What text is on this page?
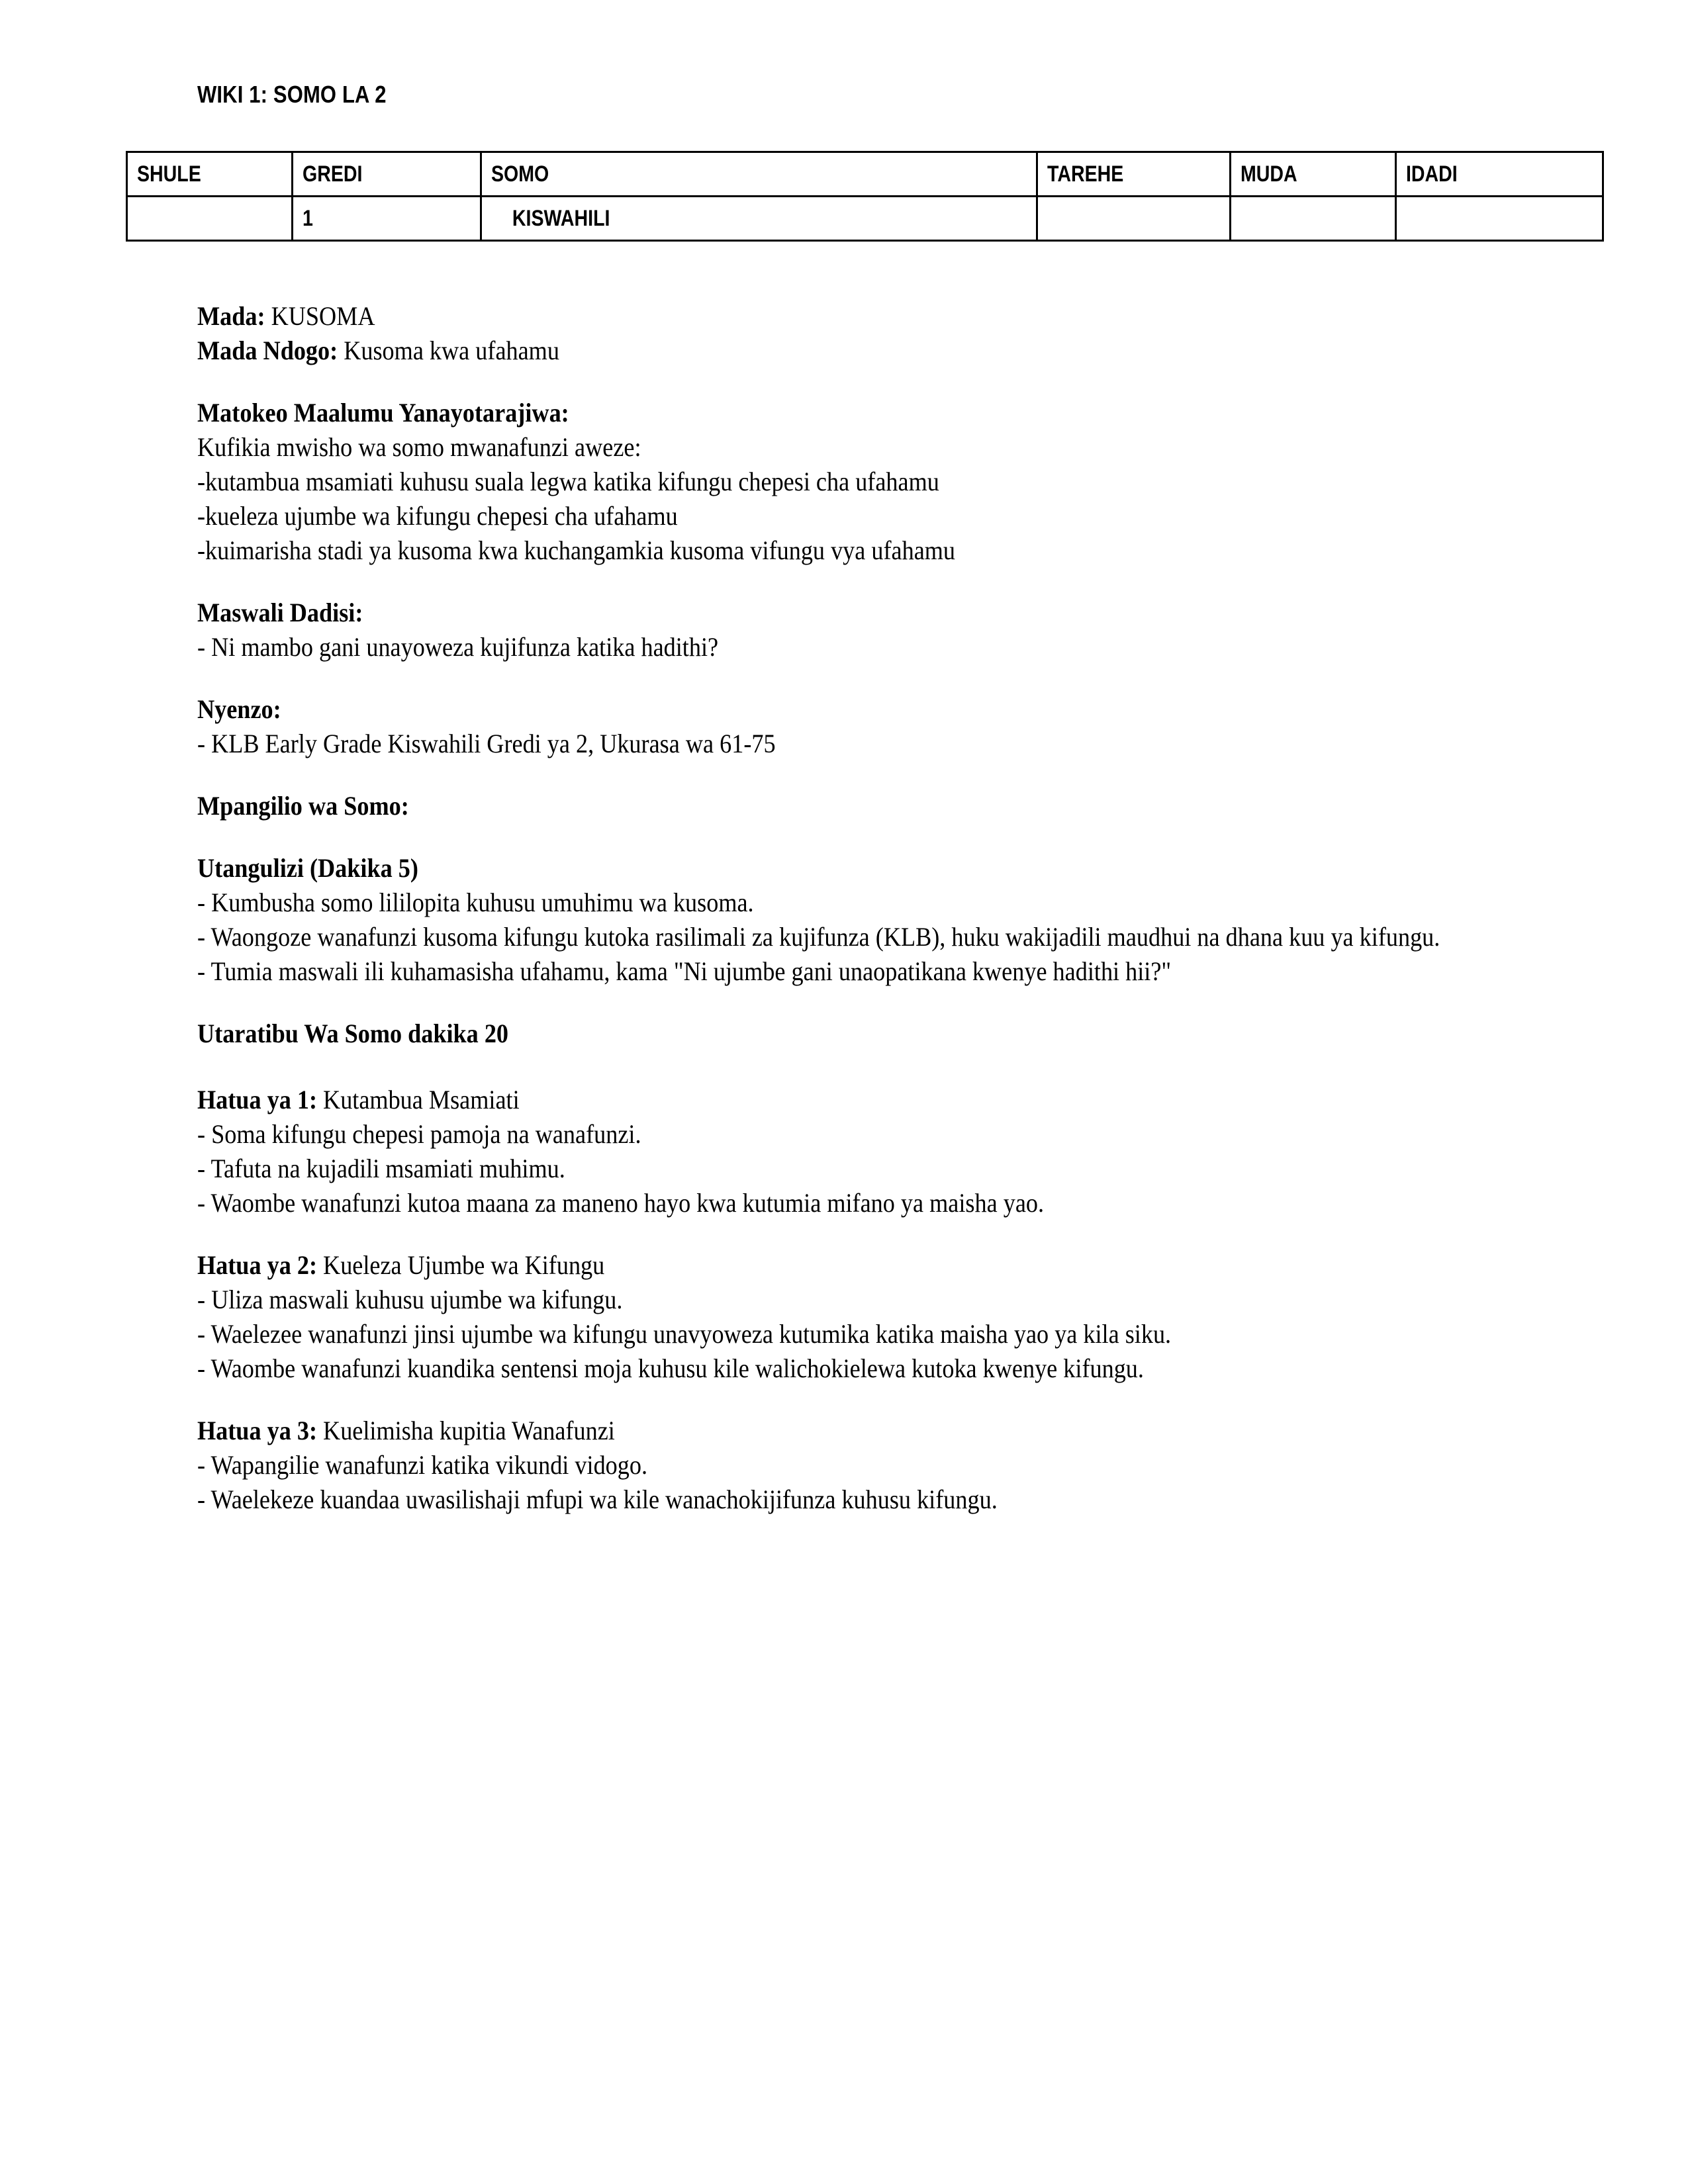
WIKI 1: SOMO LA 2
SHULE	GREDI	SOMO	TAREHE	MUDA	IDADI

	1	KISWAHILI			

Mada: KUSOMA
Mada Ndogo: Kusoma kwa ufahamu
Matokeo Maalumu Yanayotarajiwa:
Kufikia mwisho wa somo mwanafunzi aweze:
-kutambua msamiati kuhusu suala legwa katika kifungu chepesi cha ufahamu
-kueleza ujumbe wa kifungu chepesi cha ufahamu
-kuimarisha stadi ya kusoma kwa kuchangamkia kusoma vifungu vya ufahamu
Maswali Dadisi:
- Ni mambo gani unayoweza kujifunza katika hadithi?
Nyenzo:
- KLB Early Grade Kiswahili Gredi ya 2, Ukurasa wa 61-75
Mpangilio wa Somo:
Utangulizi (Dakika 5)

- Kumbusha somo lililopita kuhusu umuhimu wa kusoma.

- Waongoze wanafunzi kusoma kifungu kutoka rasilimali za kujifunza (KLB), huku wakijadili maudhui na dhana kuu ya kifungu.

- Tumia maswali ili kuhamasisha ufahamu, kama "Ni ujumbe gani unaopatikana kwenye hadithi hii?"

Utaratibu Wa Somo dakika 20
Hatua ya 1: Kutambua Msamiati

- Soma kifungu chepesi pamoja na wanafunzi.

- Tafuta na kujadili msamiati muhimu.

- Waombe wanafunzi kutoa maana za maneno hayo kwa kutumia mifano ya maisha yao.

Hatua ya 2: Kueleza Ujumbe wa Kifungu

- Uliza maswali kuhusu ujumbe wa kifungu.

- Waelezee wanafunzi jinsi ujumbe wa kifungu unavyoweza kutumika katika maisha yao ya kila siku.

- Waombe wanafunzi kuandika sentensi moja kuhusu kile walichokielewa kutoka kwenye kifungu.

Hatua ya 3: Kuelimisha kupitia Wanafunzi

- Wapangilie wanafunzi katika vikundi vidogo.

- Waelekeze kuandaa uwasilishaji mfupi wa kile wanachokijifunza kuhusu kifungu.
